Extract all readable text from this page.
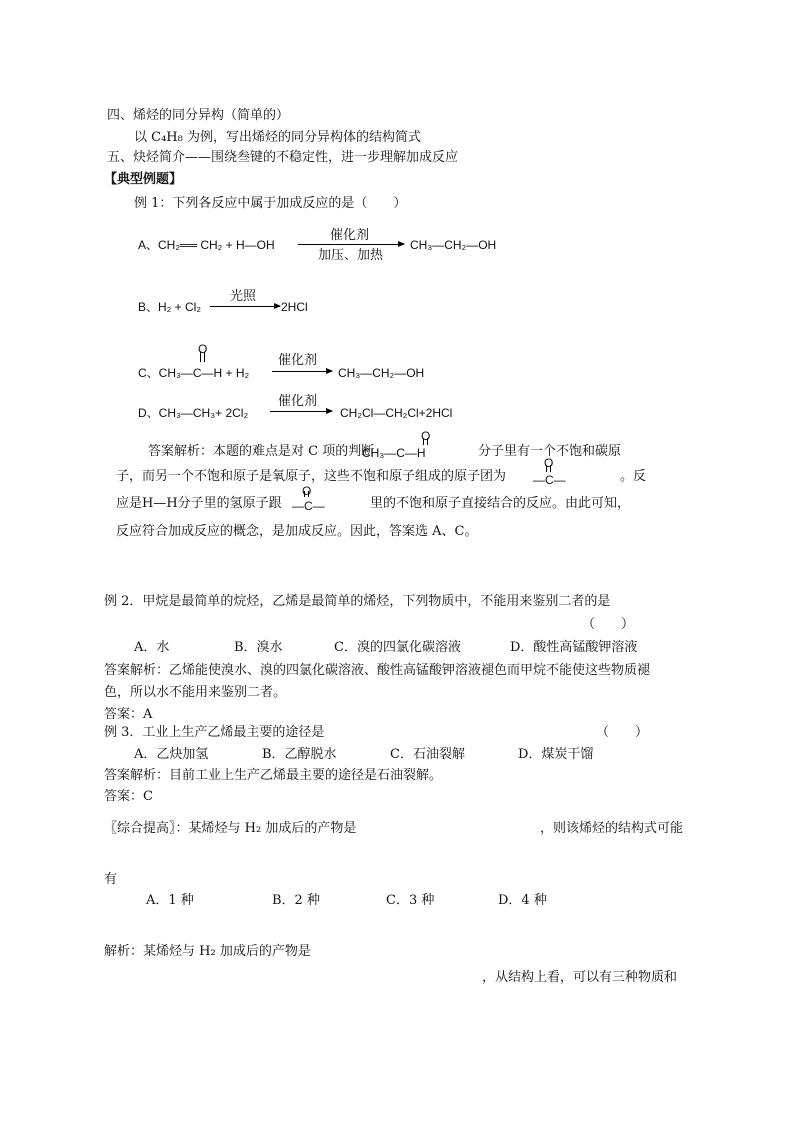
四、烯烃的同分异构（简单的）
以 C₄H₈ 为例，写出烯烃的同分异构体的结构简式
五、炔烃简介——围绕叁键的不稳定性，进一步理解加成反应
【典型例题】
例 1：下列各反应中属于加成反应的是（　　）
A、CH₂══ CH₂ + H—OH
催化剂
加压、加热
CH₃—CH₂—OH
B、H₂ + Cl₂
光照
2HCl
O
C、CH₃—C—H + H₂
催化剂
CH₃—CH₂—OH
D、CH₃—CH₃+ 2Cl₂
催化剂
CH₂Cl—CH₂Cl+2HCl
答案解析：本题的难点是对 C 项的判断
O
CH₃—C—H	分子里有一个不饱和碳原
子，而另一个不饱和原子是氧原子，这些不饱和原子组成的原子团为
O
—C—	。反
应是H—H分子里的氢原子跟
O
—C—	里的不饱和原子直接结合的反应。由此可知，
反应符合加成反应的概念，是加成反应。因此，答案选 A、C。
例 2．甲烷是最简单的烷烃，乙烯是最简单的烯烃，下列物质中，不能用来鉴别二者的是
（　　）
A．水	B．溴水	C．溴的四氯化碳溶液	D．酸性高锰酸钾溶液
答案解析：乙烯能使溴水、溴的四氯化碳溶液、酸性高锰酸钾溶液褪色而甲烷不能使这些物质褪
色，所以水不能用来鉴别二者。
答案：A
例 3．工业上生产乙烯最主要的途径是	（　　）
A．乙炔加氢	B．乙醇脱水	C．石油裂解	D．煤炭干馏
答案解析：目前工业上生产乙烯最主要的途径是石油裂解。
答案：C
〖综合提高〗：某烯烃与 H₂ 加成后的产物是	，则该烯烃的结构式可能
有
A．1 种	B．2 种	C．3 种	D．4 种
解析：某烯烃与 H₂ 加成后的产物是
，从结构上看，可以有三种物质和
